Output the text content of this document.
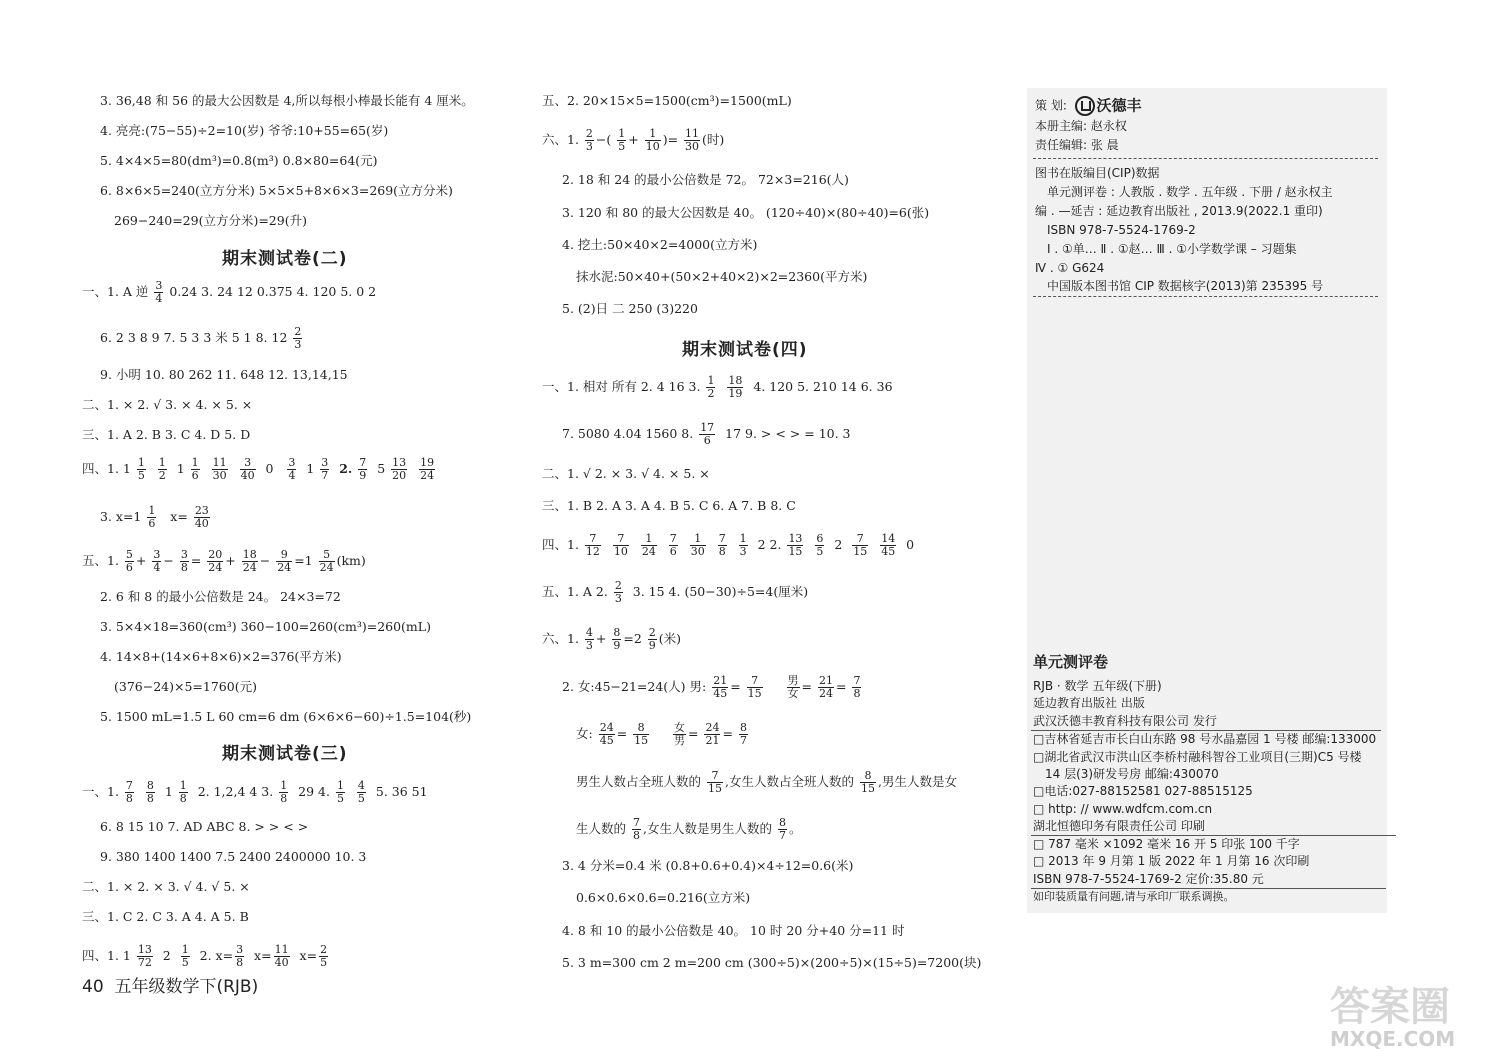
3. 36,48 和 56 的最大公因数是 4,所以每根小棒最长能有 4 厘米。
4. 亮亮:(75−55)÷2=10(岁) 爷爷:10+55=65(岁)
5. 4×4×5=80(dm³)=0.8(m³) 0.8×80=64(元)
6. 8×6×5=240(立方分米) 5×5×5+8×6×3=269(立方分米)
269−240=29(立方分米)=29(升)
期末测试卷(二)
一、1. A 逆 $\frac{3}{4} 0.24$ 3. 24 12 0.375 4. 120 5. 0 2
6. 2 3 8 9 7. 5 3 3 米 5 1 8. $12 \frac{2}{3}$
9. 小明 10. 80 262 11. 648 12. 13,14,15
二、1. × 2. √ 3. × 4. × 5. ×
三、1. A 2. B 3. C 4. D 5. D
四、1. $1 \frac{1}{5}$
$\frac{1}{2} 1 \frac{1}{6}$
$\frac{11}{30}$
$\frac{3}{40} 0 \frac{3}{4} 1 \frac{3}{7} 2$. $\frac{7}{9} 5 \frac{13}{20}$
$\frac{19}{24}$
3. $x=1 \frac{1}{6} x= \frac{23}{40}$
五、1. $\frac{5}{6} + \frac{3}{4} - \frac{3}{8} = \frac{20}{24} + \frac{18}{24} - \frac{9}{24} =1 \frac{5}{24} (km)$
2. 6 和 8 的最小公倍数是 24。 24×3=72
3. 5×4×18=360(cm³) 360−100=260(cm³)=260(mL)
4. 14×8+(14×6+8×6)×2=376(平方米)
(376−24)×5=1760(元)
5. 1500 mL=1.5 L 60 cm=6 dm (6×6×6−60)÷1.5=104(秒)
期末测试卷(三)
一、1. $\frac{7}{8}$
$\frac{8}{8} 1 \frac{1}{8} 2$. 1,2,4 4 3. $\frac{1}{8} 29$ 4. $\frac{1}{5}$
$\frac{4}{5} 5$. 36 51
6. 8 15 10 7. AD ABC 8. > > < >
9. 380 1400 1400 7.5 2400 2400000 10. 3
二、1. × 2. × 3. √ 4. √ 5. ×
三、1. C 2. C 3. A 4. A 5. B
四、1. $1 \frac{13}{72} 2 \frac{1}{5} 2$. $x= \frac{3}{8} x= \frac{11}{40} x= \frac{2}{5}$
40 五年级数学下(RJB)
五、2. 20×15×5=1500(cm³)=1500(mL)
六、1. $\frac{2}{3}$ −( $\frac{1}{5} + \frac{1}{10}$ )= $\frac{11}{30}$ (时)
2. 18 和 24 的最小公倍数是 72。 72×3=216(人)
3. 120 和 80 的最大公因数是 40。 (120÷40)×(80÷40)=6(张)
4. 挖土:50×40×2=4000(立方米)
抹水泥:50×40+(50×2+40×2)×2=2360(平方米)
5. (2)日 二 250 (3)220
期末测试卷(四)
一、1. 相对 所有 2. 4 16 3. $\frac{1}{2}$
$\frac{18}{19} 4$. 120 5. 210 14 6. 36
7. 5080 4.04 1560 8. $\frac{17}{6} 17$ 9. > < > = 10. 3
二、1. √ 2. × 3. √ 4. × 5. ×
三、1. B 2. A 3. A 4. B 5. C 6. A 7. B 8. C
四、1. $\frac{7}{12}$
$\frac{7}{10}$
$\frac{1}{24}$
$\frac{7}{6}$
$\frac{1}{30}$
$\frac{7}{8}$
$\frac{1}{3} 2$ 2. $\frac{13}{15}$
$\frac{6}{5} 2 \frac{7}{15}$
$\frac{14}{45} 0$
五、1. A 2. $\frac{2}{3} 3$. 15 4. (50−30)÷5=4(厘米)
六、1. $\frac{4}{3} + \frac{8}{9} =2 \frac{2}{9}$ (米)
2. 女:45−21=24(人) 男: $\frac{21}{45} = \frac{7}{15}$
$\frac{\text{男}}{\text{女}} = \frac{21}{24} = \frac{7}{8}$
女: $\frac{24}{45} = \frac{8}{15}$
$\frac{\text{女}}{\text{男}} = \frac{24}{21} = \frac{8}{7}$
男生人数占全班人数的 $\frac{7}{15}$ ,女生人数占全班人数的 $\frac{8}{15}$ ,男生人数是女
生人数的 $\frac{7}{8}$ ,女生人数是男生人数的 $\frac{8}{7}$ 。
3. 4 分米=0.4 米 (0.8+0.6+0.4)×4÷12=0.6(米)
0.6×0.6×0.6=0.216(立方米)
4. 8 和 10 的最小公倍数是 40。 10 时 20 分+40 分=11 时
5. 3 m=300 cm 2 m=200 cm (300÷5)×(200÷5)×(15÷5)=7200(块)
策 划: 沃德丰
本册主编: 赵永权
责任编辑: 张 晨
图书在版编目(CIP)数据
单元测评卷 : 人教版 . 数学 . 五年级 . 下册 / 赵永权主
编 . —延吉 : 延边教育出版社 , 2013.9(2022.1 重印)
ISBN 978-7-5524-1769-2
Ⅰ . ①单… Ⅱ . ①赵… Ⅲ . ①小学数学课 – 习题集
Ⅳ . ① G624
中国版本图书馆 CIP 数据核字(2013)第 235395 号
单元测评卷
RJB · 数学 五年级(下册)
延边教育出版社 出版
武汉沃德丰教育科技有限公司 发行
□吉林省延吉市长白山东路 98 号水晶嘉园 1 号楼 邮编:133000
□湖北省武汉市洪山区李桥村融科智谷工业项目(三期)C5 号楼
14 层(3)研发号房 邮编:430070
□电话:027-88152581 027-88515125
□ http: // www.wdfcm.com.cn
湖北恒德印务有限责任公司 印刷
□ 787 毫米 ×1092 毫米 16 开 5 印张 100 千字
□ 2013 年 9 月第 1 版 2022 年 1 月第 16 次印刷
ISBN 978-7-5524-1769-2 定价:35.80 元
如印装质量有问题,请与承印厂联系调换。
答案圈
MXQE.COM
